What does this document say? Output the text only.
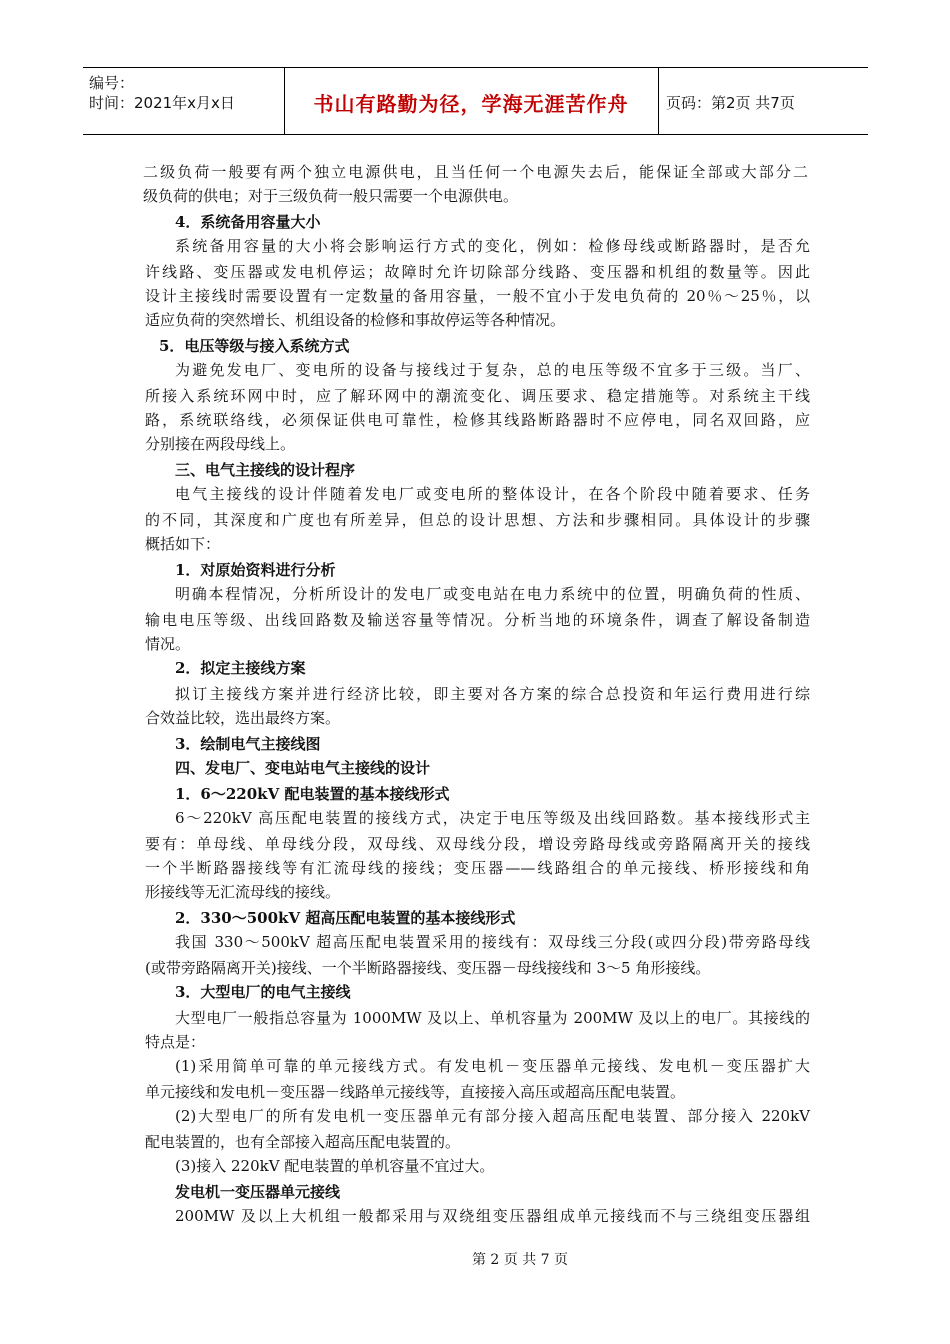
编号：
时间：2021年x月x日	书山有路勤为径，学海无涯苦作舟	页码：第2页 共7页
二级负荷一般要有两个独立电源供电，且当任何一个电源失去后，能保证全部或大部分二
级负荷的供电；对于三级负荷一般只需要一个电源供电。
4．系统备用容量大小
系统备用容量的大小将会影响运行方式的变化，例如：检修母线或断路器时，是否允
许线路、变压器或发电机停运；故障时允许切除部分线路、变压器和机组的数量等。因此
设计主接线时需要设置有一定数量的备用容量，一般不宜小于发电负荷的 20％～25％，以
适应负荷的突然增长、机组设备的检修和事故停运等各种情况。
5．电压等级与接入系统方式
为避免发电厂、变电所的设备与接线过于复杂，总的电压等级不宜多于三级。当厂、
所接入系统环网中时，应了解环网中的潮流变化、调压要求、稳定措施等。对系统主干线
路，系统联络线，必须保证供电可靠性，检修其线路断路器时不应停电，同名双回路，应
分别接在两段母线上。
三、电气主接线的设计程序
电气主接线的设计伴随着发电厂或变电所的整体设计，在各个阶段中随着要求、任务
的不同，其深度和广度也有所差异，但总的设计思想、方法和步骤相同。具体设计的步骤
概括如下：
1．对原始资料进行分析
明确本程情况，分析所设计的发电厂或变电站在电力系统中的位置，明确负荷的性质、
输电电压等级、出线回路数及输送容量等情况。分析当地的环境条件，调查了解设备制造
情况。
2．拟定主接线方案
拟订主接线方案并进行经济比较，即主要对各方案的综合总投资和年运行费用进行综
合效益比较，选出最终方案。
3．绘制电气主接线图
四、发电厂、变电站电气主接线的设计
1．6～220kV 配电装置的基本接线形式
6～220kV 高压配电装置的接线方式，决定于电压等级及出线回路数。基本接线形式主
要有：单母线、单母线分段，双母线、双母线分段，增设旁路母线或旁路隔离开关的接线
一个半断路器接线等有汇流母线的接线；变压器——线路组合的单元接线、桥形接线和角
形接线等无汇流母线的接线。
2．330～500kV 超高压配电装置的基本接线形式
我国 330～500kV 超高压配电装置采用的接线有：双母线三分段(或四分段)带旁路母线
(或带旁路隔离开关)接线、一个半断路器接线、变压器－母线接线和 3～5 角形接线。
3．大型电厂的电气主接线
大型电厂一般指总容量为 1000MW 及以上、单机容量为 200MW 及以上的电厂。其接线的
特点是：
(1)采用简单可靠的单元接线方式。有发电机－变压器单元接线、发电机－变压器扩大
单元接线和发电机－变压器－线路单元接线等，直接接入高压或超高压配电装置。
(2)大型电厂的所有发电机一变压器单元有部分接入超高压配电装置、部分接入 220kV
配电装置的，也有全部接入超高压配电装置的。
(3)接入 220kV 配电装置的单机容量不宜过大。
发电机一变压器单元接线
200MW 及以上大机组一般都采用与双绕组变压器组成单元接线而不与三绕组变压器组
第 2 页 共 7 页
